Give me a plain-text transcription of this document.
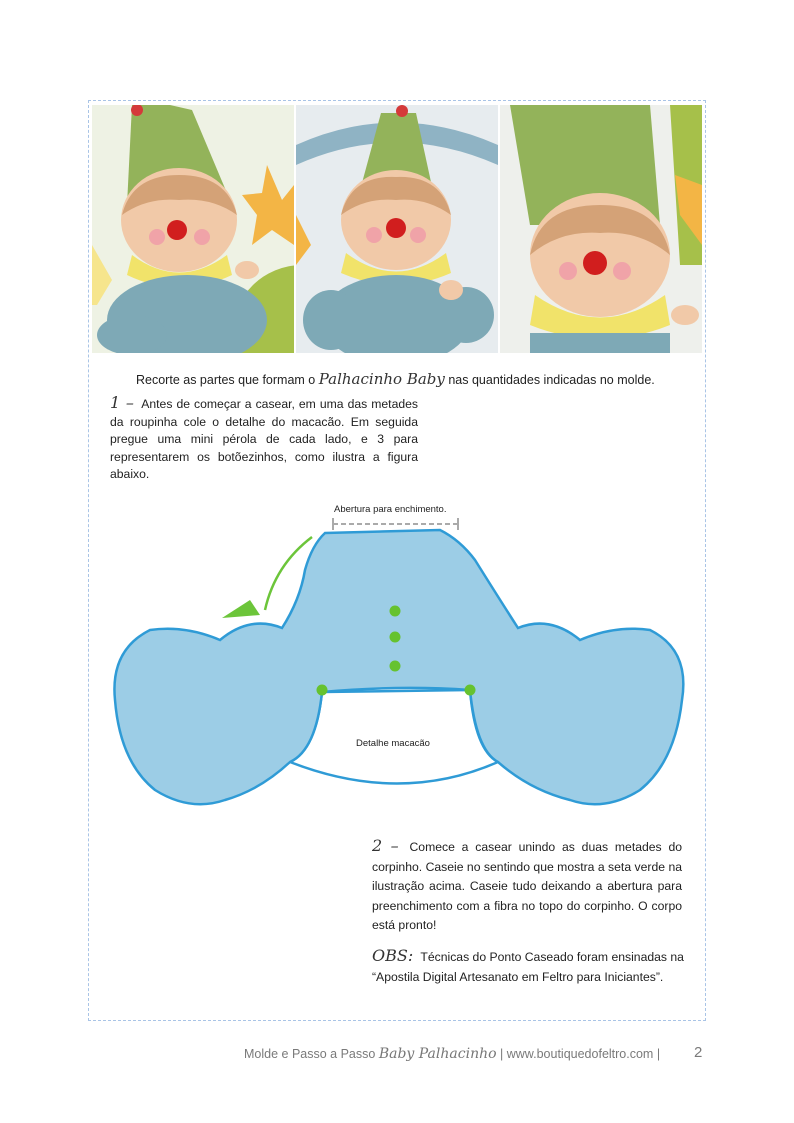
Recorte as partes que formam o Palhacinho Baby nas quantidades indicadas no molde.
1 – Antes de começar a casear, em uma das metades da roupinha cole o detalhe do macacão. Em seguida pregue uma mini pérola de cada lado, e 3 para representarem os botõezinhos, como ilustra a figura abaixo.
Abertura para enchimento.
Detalhe macacão
2 – Comece a casear unindo as duas metades do corpinho. Caseie no sentindo que mostra a seta verde na ilustração acima. Caseie tudo deixando a abertura para preenchimento com a fibra no topo do corpinho. O corpo está pronto!
OBS: Técnicas do Ponto Caseado foram ensinadas na “Apostila Digital Artesanato em Feltro para Iniciantes”.
Molde e Passo a Passo Baby Palhacinho | www.boutiquedofeltro.com | 2
